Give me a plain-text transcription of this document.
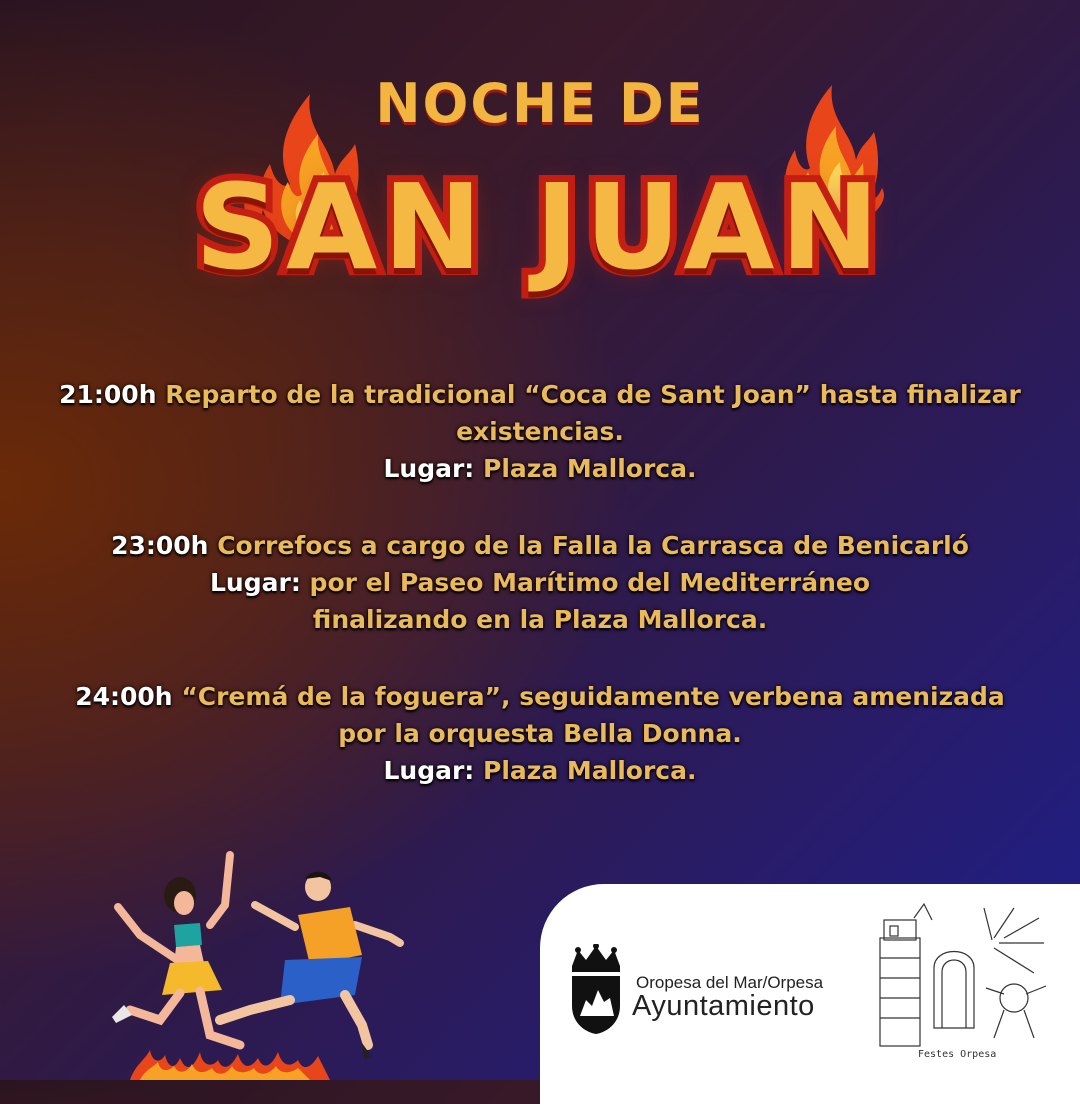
NOCHE DE
SAN JUAN
21:00h Reparto de la tradicional “Coca de Sant Joan” hasta finalizar
existencias.
Lugar: Plaza Mallorca.
23:00h Correfocs a cargo de la Falla la Carrasca de Benicarló
Lugar: por el Paseo Marítimo del Mediterráneo
finalizando en la Plaza Mallorca.
24:00h “Cremá de la foguera”, seguidamente verbena amenizada
por la orquesta Bella Donna.
Lugar: Plaza Mallorca.
Oropesa del Mar/Orpesa
Ayuntamiento
Festes Orpesa
